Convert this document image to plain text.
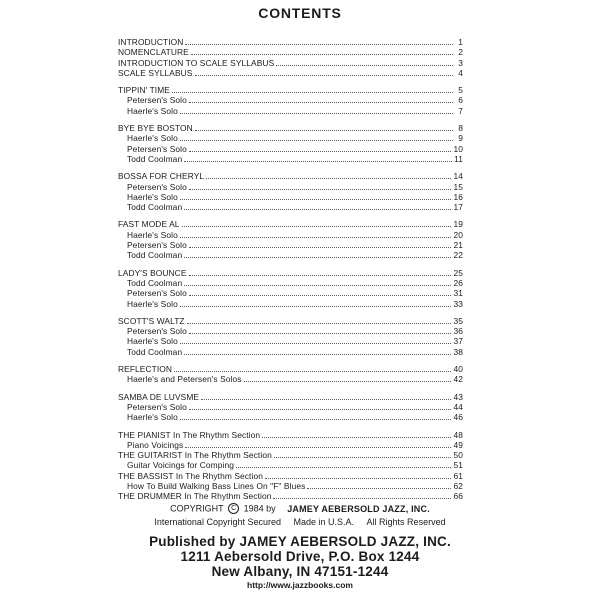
CONTENTS
INTRODUCTION	1
NOMENCLATURE	2
INTRODUCTION TO SCALE SYLLABUS	3
SCALE SYLLABUS	4
TIPPIN' TIME	5
Petersen's Solo	6
Haerle's Solo	7
BYE BYE BOSTON	8
Haerle's Solo	9
Petersen's Solo	10
Todd Coolman	11
BOSSA FOR CHERYL	14
Petersen's Solo	15
Haerle's Solo	16
Todd Coolman	17
FAST MODE AL	19
Haerle's Solo	20
Petersen's Solo	21
Todd Coolman	22
LADY'S BOUNCE	25
Todd Coolman	26
Petersen's Solo	31
Haerle's Solo	33
SCOTT'S WALTZ	35
Petersen's Solo	36
Haerle's Solo	37
Todd Coolman	38
REFLECTION	40
Haerle's and Petersen's Solos	42
SAMBA DE LUVSME	43
Petersen's Solo	44
Haerle's Solo	46
THE PIANIST In The Rhythm Section	48
Piano Voicings	49
THE GUITARIST In The Rhythm Section	50
Guitar Voicings for Comping	51
THE BASSIST In The Rhythm Section	61
How To Build Walking Bass Lines On "F" Blues	62
THE DRUMMER In The Rhythm Section	66
COPYRIGHT C 1984 by JAMEY AEBERSOLD JAZZ, INC.
International Copyright Secured Made in U.S.A. All Rights Reserved
Published by JAMEY AEBERSOLD JAZZ, INC.
1211 Aebersold Drive, P.O. Box 1244
New Albany, IN 47151-1244
http://www.jazzbooks.com
